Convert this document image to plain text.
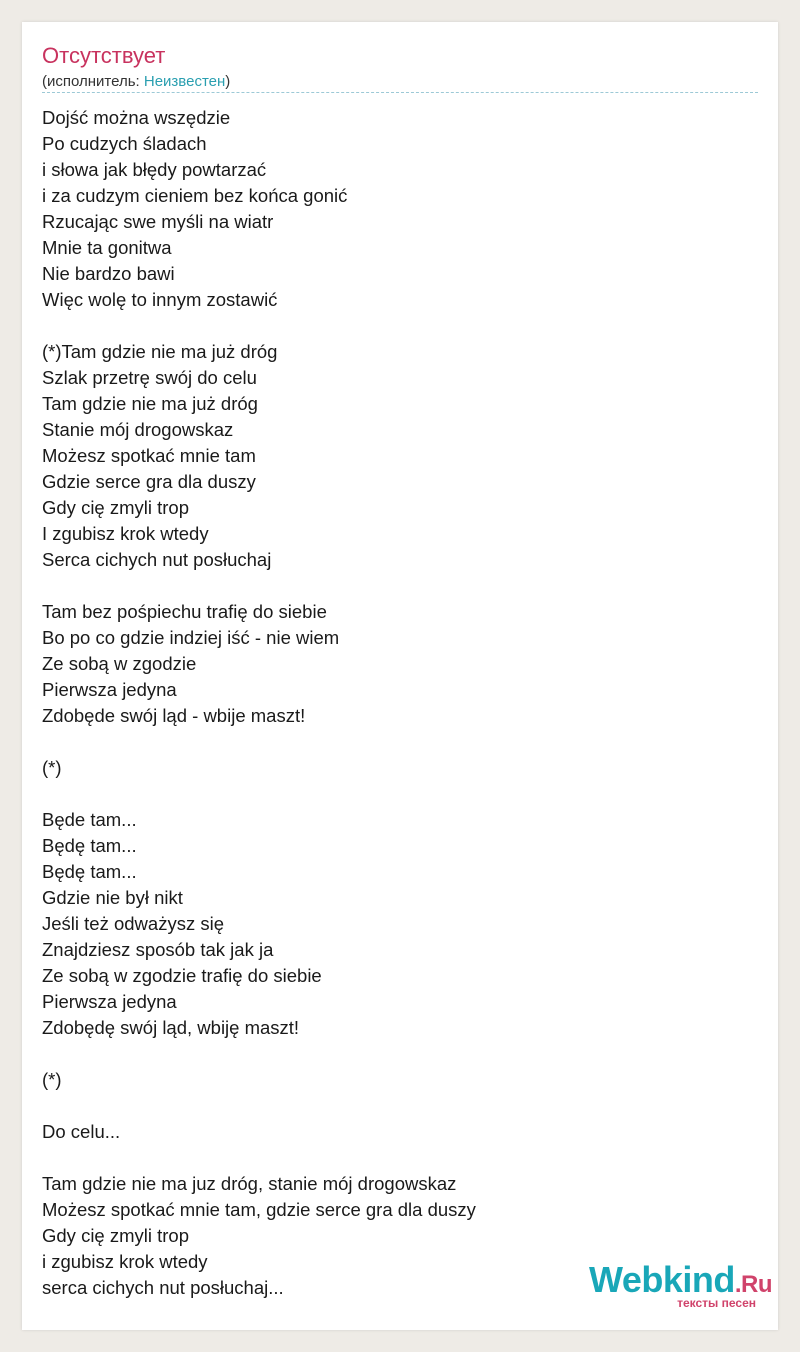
Отсутствует
(исполнитель: Неизвестен)
Dojść można wszędzie
Po cudzych śladach
i słowa jak błędy powtarzać
i za cudzym cieniem bez końca gonić
Rzucając swe myśli na wiatr
Mnie ta gonitwa
Nie bardzo bawi
Więc wolę to innym zostawić
(*)Tam gdzie nie ma już dróg
Szlak przetrę swój do celu
Tam gdzie nie ma już dróg
Stanie mój drogowskaz
Możesz spotkać mnie tam
Gdzie serce gra dla duszy
Gdy cię zmyli trop
I zgubisz krok wtedy
Serca cichych nut posłuchaj
Tam bez pośpiechu trafię do siebie
Bo po co gdzie indziej iść - nie wiem
Ze sobą w zgodzie
Pierwsza jedyna
Zdobęde swój ląd - wbije maszt!
(*)
Będe tam...
Będę tam...
Będę tam...
Gdzie nie był nikt
Jeśli też odważysz się
Znajdziesz sposób tak jak ja
Ze sobą w zgodzie trafię do siebie
Pierwsza jedyna
Zdobędę swój ląd, wbiję maszt!
(*)
Do celu...
Tam gdzie nie ma juz dróg, stanie mój drogowskaz
Możesz spotkać mnie tam, gdzie serce gra dla duszy
Gdy cię zmyli trop
i zgubisz krok wtedy
serca cichych nut posłuchaj...	Webkind.Ru
тексты песен
